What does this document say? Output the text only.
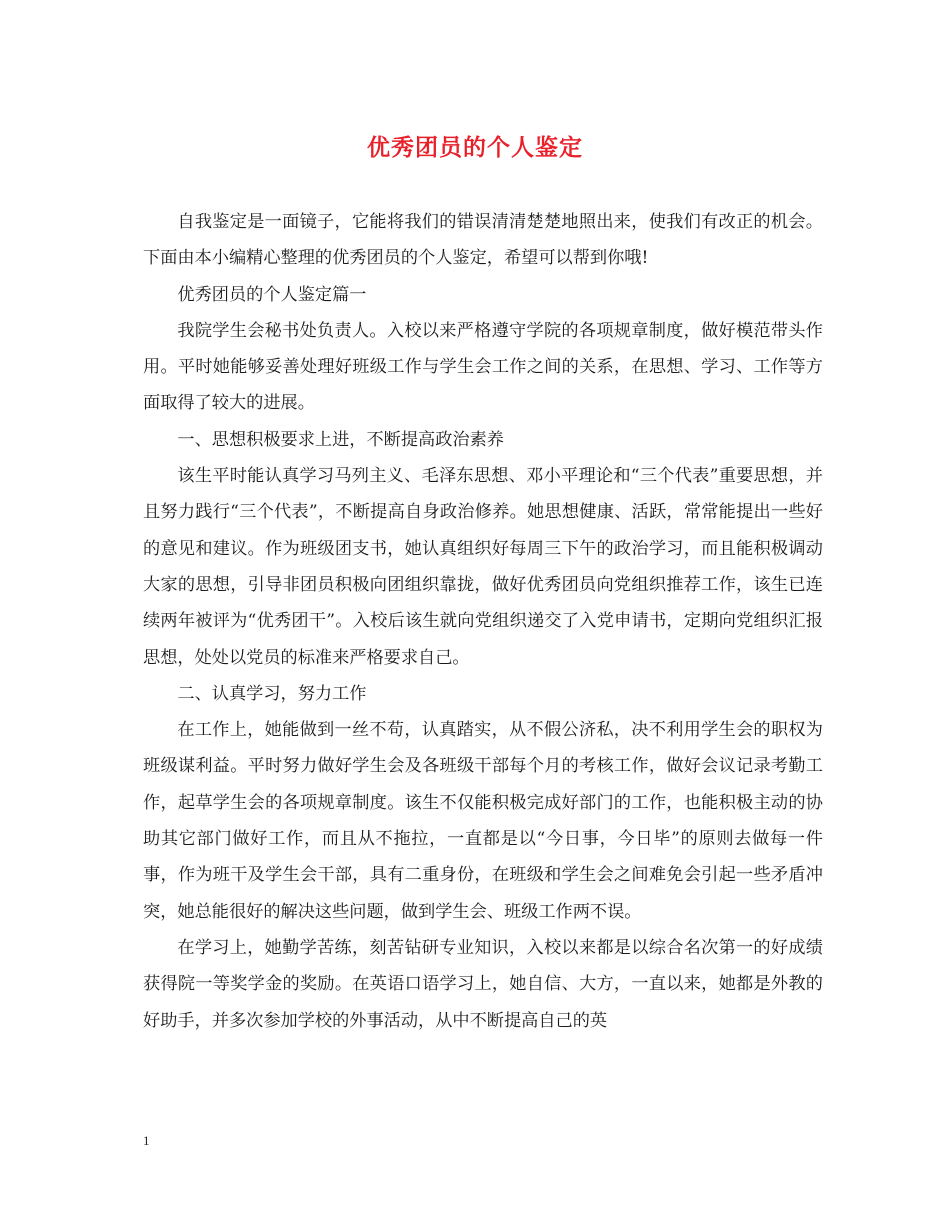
优秀团员的个人鉴定

自我鉴定是一面镜子，它能将我们的错误清清楚楚地照出来，使我们有改正的机会。下面由本小编精心整理的优秀团员的个人鉴定，希望可以帮到你哦!

优秀团员的个人鉴定篇一

我院学生会秘书处负责人。入校以来严格遵守学院的各项规章制度，做好模范带头作用。平时她能够妥善处理好班级工作与学生会工作之间的关系，在思想、学习、工作等方面取得了较大的进展。

一、思想积极要求上进，不断提高政治素养

该生平时能认真学习马列主义、毛泽东思想、邓小平理论和“三个代表”重要思想，并且努力践行“三个代表”，不断提高自身政治修养。她思想健康、活跃，常常能提出一些好的意见和建议。作为班级团支书，她认真组织好每周三下午的政治学习，而且能积极调动大家的思想，引导非团员积极向团组织靠拢，做好优秀团员向党组织推荐工作，该生已连续两年被评为“优秀团干”。入校后该生就向党组织递交了入党申请书，定期向党组织汇报思想，处处以党员的标准来严格要求自己。

二、认真学习，努力工作

在工作上，她能做到一丝不苟，认真踏实，从不假公济私，决不利用学生会的职权为班级谋利益。平时努力做好学生会及各班级干部每个月的考核工作，做好会议记录考勤工作，起草学生会的各项规章制度。该生不仅能积极完成好部门的工作，也能积极主动的协助其它部门做好工作，而且从不拖拉，一直都是以“今日事，今日毕”的原则去做每一件事，作为班干及学生会干部，具有二重身份，在班级和学生会之间难免会引起一些矛盾冲突，她总能很好的解决这些问题，做到学生会、班级工作两不误。

在学习上，她勤学苦练，刻苦钻研专业知识，入校以来都是以综合名次第一的好成绩获得院一等奖学金的奖励。在英语口语学习上，她自信、大方，一直以来，她都是外教的好助手，并多次参加学校的外事活动，从中不断提高自己的英

1
